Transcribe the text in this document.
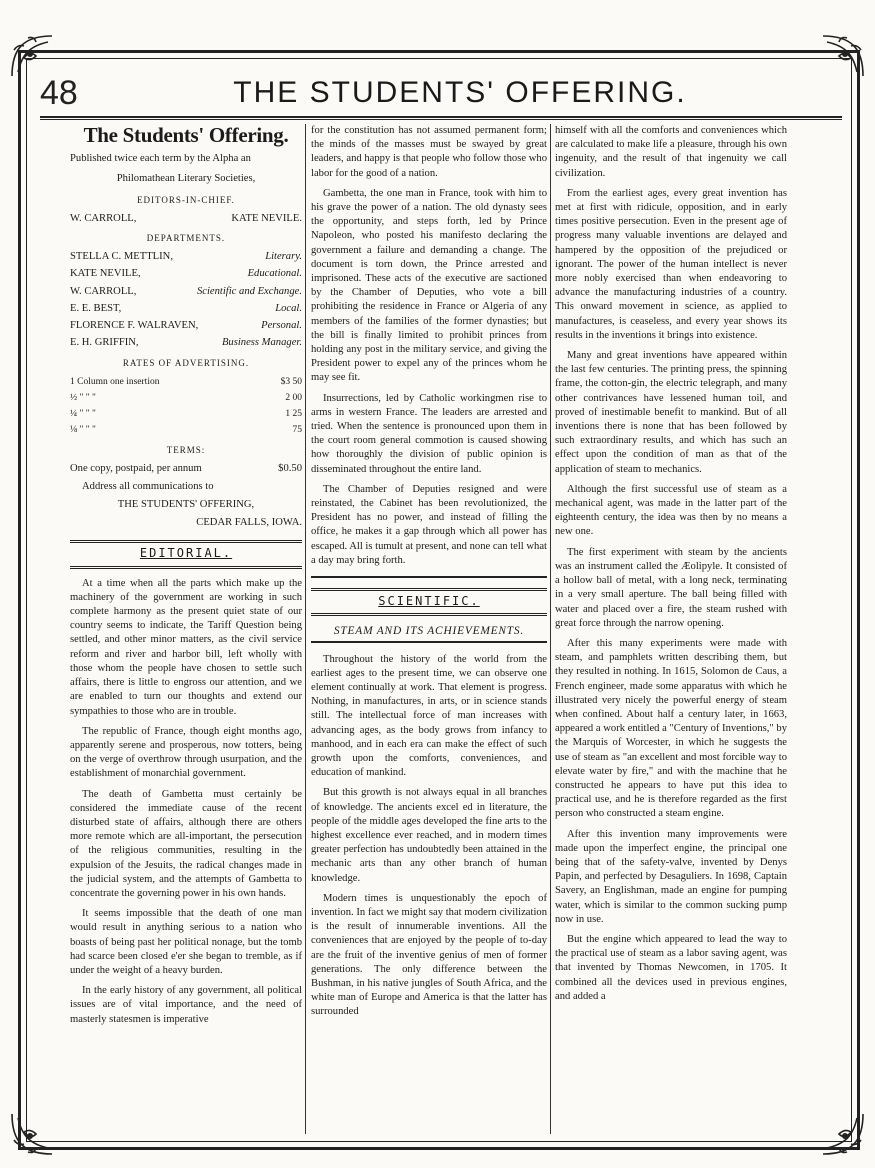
48	THE STUDENTS' OFFERING.
The Students' Offering.

Published twice each term by the Alpha an

Philomathean Literary Societies,

EDITORS-IN-CHIEF.
W. CARROLL,	KATE NEVILE.
DEPARTMENTS.
STELLA C. METTLIN,	Literary.
KATE NEVILE,	Educational.
W. CARROLL,	Scientific and Exchange.
E. E. BEST,	Local.
FLORENCE F. WALRAVEN,	Personal.
E. H. GRIFFIN,	Business Manager.
RATES OF ADVERTISING.
1 Column one insertion	$3 50
½ " " "	2 00
¼ " " "	1 25
⅛ " " "	75
TERMS:
One copy, postpaid, per annum	$0.50

Address all communications to

THE STUDENTS' OFFERING,

CEDAR FALLS, IOWA.

EDITORIAL.

At a time when all the parts which make up the machinery of the government are working in such complete harmony as the present quiet state of our country seems to indicate, the Tariff Question being settled, and other minor matters, as the civil service reform and river and harbor bill, left wholly with those whom the people have chosen to settle such affairs, there is little to engross our attention, and we are enabled to turn our thoughts and extend our sympathies to those who are in trouble.

The republic of France, though eight months ago, apparently serene and prosperous, now totters, being on the verge of overthrow through usurpation, and the establishment of monarchial government.

The death of Gambetta must certainly be considered the immediate cause of the recent disturbed state of affairs, although there are others more remote which are all-important, the persecution of the religious communities, resulting in the expulsion of the Jesuits, the radical changes made in the judicial system, and the attempts of Gambetta to concentrate the governing power in his own hands.

It seems impossible that the death of one man would result in anything serious to a nation who boasts of being past her political nonage, but the tomb had scarce been closed e'er she began to tremble, as if under the weight of a heavy burden.

In the early history of any government, all political issues are of vital importance, and the need of masterly statesmen is imperative

for the constitution has not assumed permanent form; the minds of the masses must be swayed by great leaders, and happy is that people who follow those who labor for the good of a nation.

Gambetta, the one man in France, took with him to his grave the power of a nation. The old dynasty sees the opportunity, and steps forth, led by Prince Napoleon, who posted his manifesto declaring the government a failure and demanding a change. The document is torn down, the Prince arrested and imprisoned. These acts of the executive are sactioned by the Chamber of Deputies, who vote a bill prohibiting the residence in France or Algeria of any members of the families of the former dynasties; but the bill is finally limited to prohibit princes from holding any post in the military service, and giving the President power to expel any of the princes whom he may see fit.

Insurrections, led by Catholic workingmen rise to arms in western France. The leaders are arrested and tried. When the sentence is pronounced upon them in the court room general commotion is caused showing how thoroughly the division of public opinion is disseminated throughout the entire land.

The Chamber of Deputies resigned and were reinstated, the Cabinet has been revolutionized, the President has no power, and instead of filling the office, he makes it a gap through which all power has escaped. All is tumult at present, and none can tell what a day may bring forth.

SCIENTIFIC.
STEAM AND ITS ACHIEVEMENTS.

Throughout the history of the world from the earliest ages to the present time, we can observe one element continually at work. That element is progress. Nothing, in manufactures, in arts, or in science stands still. The intellectual force of man increases with advancing ages, as the body grows from infancy to manhood, and in each era can make the effect of such growth upon the comforts, conveniences, and education of mankind.

But this growth is not always equal in all branches of knowledge. The ancients excel ed in literature, the people of the middle ages developed the fine arts to the highest excellence ever reached, and in modern times greater perfection has undoubtedly been attained in the mechanic arts than any other branch of human knowledge.

Modern times is unquestionably the epoch of invention. In fact we might say that modern civilization is the result of innumerable inventions. All the conveniences that are enjoyed by the people of to-day are the fruit of the inventive genius of men of former generations. The only difference between the Bushman, in his native jungles of South Africa, and the white man of Europe and America is that the latter has surrounded

himself with all the comforts and conveniences which are calculated to make life a pleasure, through his own ingenuity, and the result of that ingenuity we call civilization.

From the earliest ages, every great invention has met at first with ridicule, opposition, and in early times positive persecution. Even in the present age of progress many valuable inventions are delayed and hampered by the opposition of the prejudiced or ignorant. The power of the human intellect is never more nobly exercised than when endeavoring to advance the manufacturing industries of a country. This onward movement in science, as applied to manufactures, is ceaseless, and every year shows its results in the inventions it brings into existence.

Many and great inventions have appeared within the last few centuries. The printing press, the spinning frame, the cotton-gin, the electric telegraph, and many other contrivances have lessened human toil, and proved of inestimable benefit to mankind. But of all inventions there is none that has been followed by such extraordinary results, and which has such an effect upon the condition of man as that of the application of steam to mechanics.

Although the first successful use of steam as a mechanical agent, was made in the latter part of the eighteenth century, the idea was then by no means a new one.

The first experiment with steam by the ancients was an instrument called the Æolipyle. It consisted of a hollow ball of metal, with a long neck, terminating in a very small aperture. The ball being filled with water and placed over a fire, the steam rushed with great force through the narrow opening.

After this many experiments were made with steam, and pamphlets written describing them, but they resulted in nothing. In 1615, Solomon de Caus, a French engineer, made some apparatus with which he illustrated very nicely the powerful energy of steam when confined. About half a century later, in 1663, appeared a work entitled a "Century of Inventions," by the Marquis of Worcester, in which he suggests the use of steam as "an excellent and most forcible way to elevate water by fire," and with the machine that he constructed he appears to have put this idea to practical use, and he is therefore regarded as the first person who constructed a steam engine.

After this invention many improvements were made upon the imperfect engine, the principal one being that of the safety-valve, invented by Denys Papin, and perfected by Desaguliers. In 1698, Captain Savery, an Englishman, made an engine for pumping water, which is similar to the common sucking pump now in use.

But the engine which appeared to lead the way to the practical use of steam as a labor saving agent, was that invented by Thomas Newcomen, in 1705. It combined all the devices used in previous engines, and added a
